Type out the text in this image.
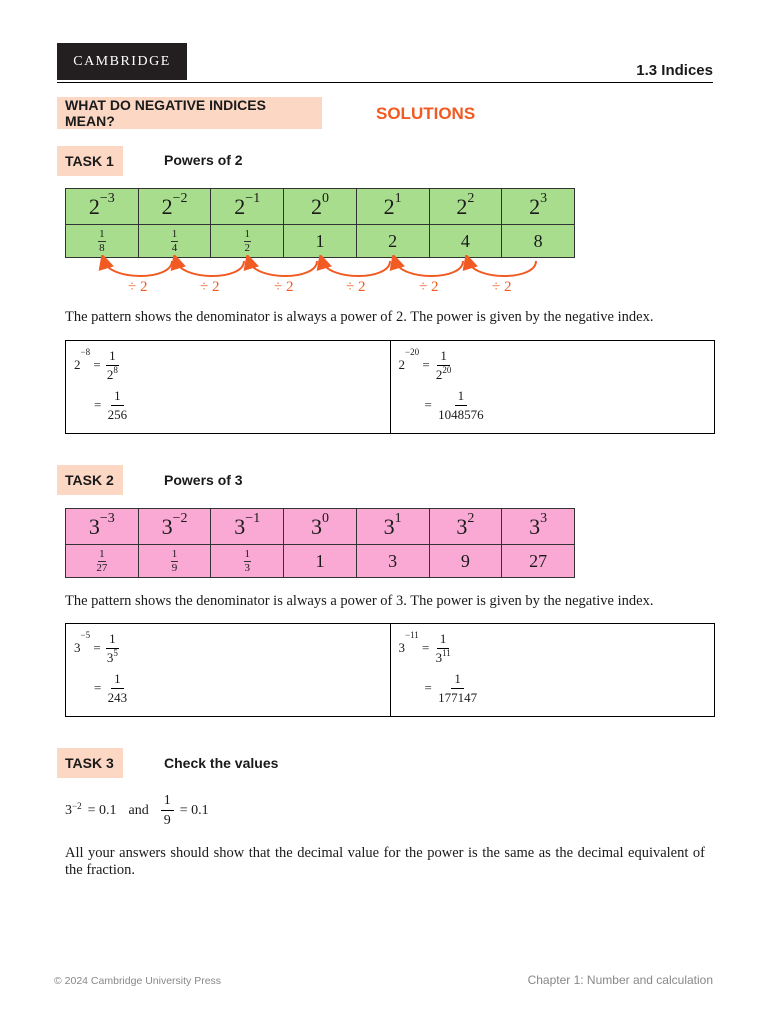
CAMBRIDGE
1.3 Indices
WHAT DO NEGATIVE INDICES MEAN?	SOLUTIONS
TASK 1	Powers of 2
$2^{-3}$	$2^{-2}$	$2^{-1}$	$2^0$	$2^1$	$2^2$	$2^3$

$\frac{1}{8}$	$\frac{1}{4}$	$\frac{1}{2}$	1	2	4	8
÷ 2	÷ 2	÷ 2	÷ 2	÷ 2	÷ 2
The pattern shows the denominator is always a power of 2. The power is given by the negative index.
$2^{-8} = \frac{1}{2^8}$
= $\frac{1}{256}$
$2^{-20} = \frac{1}{2^{20}}$
= $\frac{1}{1048576}$
TASK 2	Powers of 3
$3^{-3}$	$3^{-2}$	$3^{-1}$	$3^0$	$3^1$	$3^2$	$3^3$

$\frac{1}{27}$	$\frac{1}{9}$	$\frac{1}{3}$	1	3	9	27
The pattern shows the denominator is always a power of 3. The power is given by the negative index.
$3^{-5} = \frac{1}{3^5}$
= $\frac{1}{243}$
$3^{-11} = \frac{1}{3^{11}}$
= $\frac{1}{177147}$
TASK 3	Check the values
$3^{-2} = 0.1$ and $\frac{1}{9} = 0.1$
All your answers should show that the decimal value for the power is the same as the decimal equivalent of the fraction.
© 2024 Cambridge University Press	Chapter 1: Number and calculation
